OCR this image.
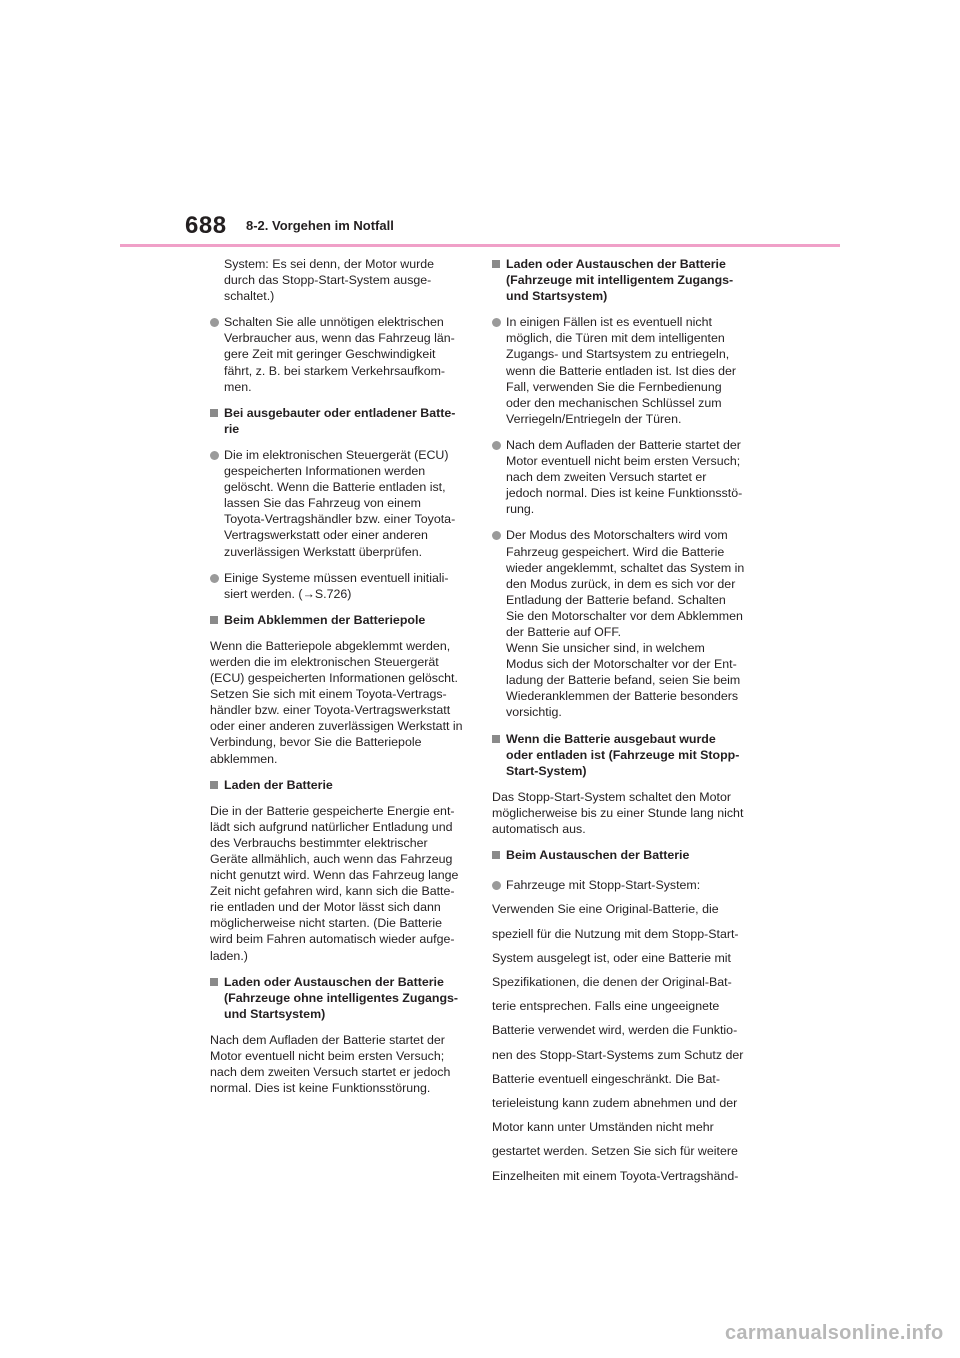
688 8-2. Vorgehen im Notfall
System: Es sei denn, der Motor wurde durch das Stopp-Start-System ausgeschaltet.)
Schalten Sie alle unnötigen elektrischen Verbraucher aus, wenn das Fahrzeug längere Zeit mit geringer Geschwindigkeit fährt, z. B. bei starkem Verkehrsaufkommen.
Bei ausgebauter oder entladener Batterie
Die im elektronischen Steuergerät (ECU) gespeicherten Informationen werden gelöscht. Wenn die Batterie entladen ist, lassen Sie das Fahrzeug von einem Toyota-Vertragshändler bzw. einer Toyota-Vertragswerkstatt oder einer anderen zuverlässigen Werkstatt überprüfen.
Einige Systeme müssen eventuell initialisiert werden. (→S.726)
Beim Abklemmen der Batteriepole
Wenn die Batteriepole abgeklemmt werden, werden die im elektronischen Steuergerät (ECU) gespeicherten Informationen gelöscht. Setzen Sie sich mit einem Toyota-Vertragshändler bzw. einer Toyota-Vertragswerkstatt oder einer anderen zuverlässigen Werkstatt in Verbindung, bevor Sie die Batteriepole abklemmen.
Laden der Batterie
Die in der Batterie gespeicherte Energie entlädt sich aufgrund natürlicher Entladung und des Verbrauchs bestimmter elektrischer Geräte allmählich, auch wenn das Fahrzeug nicht genutzt wird. Wenn das Fahrzeug lange Zeit nicht gefahren wird, kann sich die Batterie entladen und der Motor lässt sich dann möglicherweise nicht starten. (Die Batterie wird beim Fahren automatisch wieder aufgeladen.)
Laden oder Austauschen der Batterie (Fahrzeuge ohne intelligentes Zugangs- und Startsystem)
Nach dem Aufladen der Batterie startet der Motor eventuell nicht beim ersten Versuch; nach dem zweiten Versuch startet er jedoch normal. Dies ist keine Funktionsstörung.
Laden oder Austauschen der Batterie (Fahrzeuge mit intelligentem Zugangs- und Startsystem)
In einigen Fällen ist es eventuell nicht möglich, die Türen mit dem intelligenten Zugangs- und Startsystem zu entriegeln, wenn die Batterie entladen ist. Ist dies der Fall, verwenden Sie die Fernbedienung oder den mechanischen Schlüssel zum Verriegeln/Entriegeln der Türen.
Nach dem Aufladen der Batterie startet der Motor eventuell nicht beim ersten Versuch; nach dem zweiten Versuch startet er jedoch normal. Dies ist keine Funktionsstörung.
Der Modus des Motorschalters wird vom Fahrzeug gespeichert. Wird die Batterie wieder angeklemmt, schaltet das System in den Modus zurück, in dem es sich vor der Entladung der Batterie befand. Schalten Sie den Motorschalter vor dem Abklemmen der Batterie auf OFF.
Wenn Sie unsicher sind, in welchem Modus sich der Motorschalter vor der Entladung der Batterie befand, seien Sie beim Wiederanklemmen der Batterie besonders vorsichtig.
Wenn die Batterie ausgebaut wurde oder entladen ist (Fahrzeuge mit Stopp-Start-System)
Das Stopp-Start-System schaltet den Motor möglicherweise bis zu einer Stunde lang nicht automatisch aus.
Beim Austauschen der Batterie
Fahrzeuge mit Stopp-Start-System:
Verwenden Sie eine Original-Batterie, die speziell für die Nutzung mit dem Stopp-Start-System ausgelegt ist, oder eine Batterie mit Spezifikationen, die denen der Original-Batterie entsprechen. Falls eine ungeeignete Batterie verwendet wird, werden die Funktionen des Stopp-Start-Systems zum Schutz der Batterie eventuell eingeschränkt. Die Batterieleistung kann zudem abnehmen und der Motor kann unter Umständen nicht mehr gestartet werden. Setzen Sie sich für weitere Einzelheiten mit einem Toyota-Vertragshänd-
carmanualsonline.info
